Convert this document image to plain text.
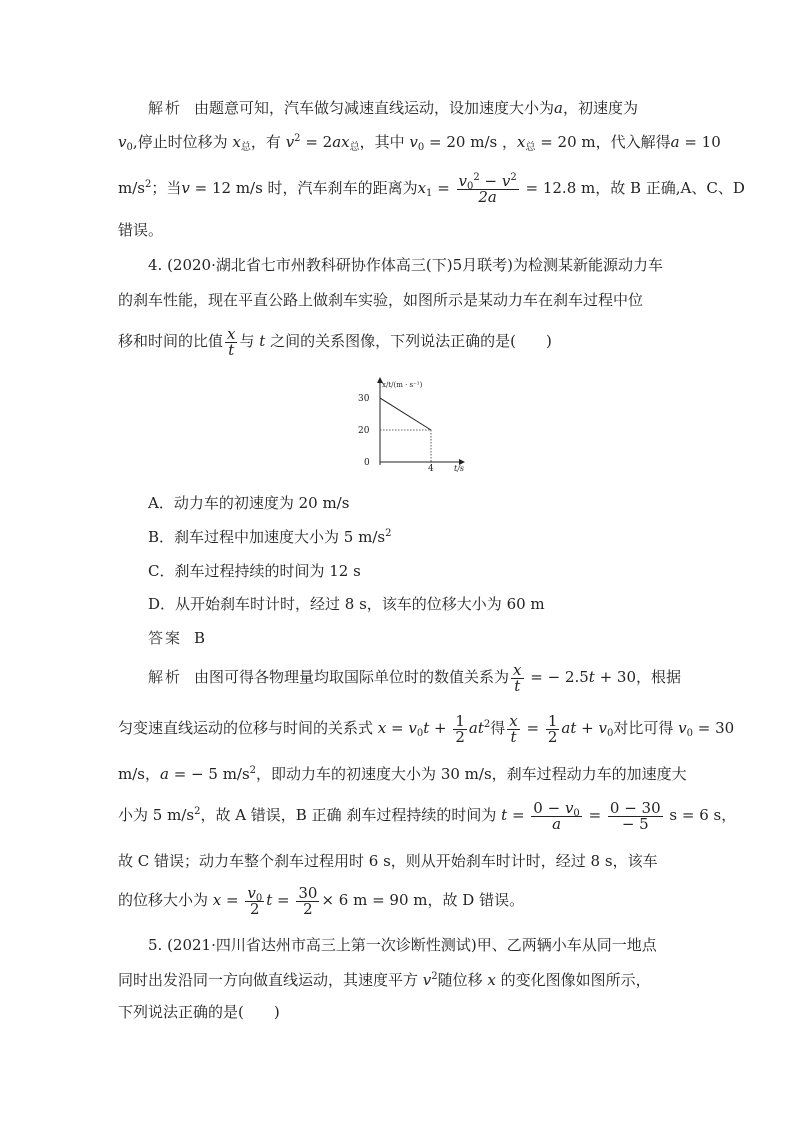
解析 由题意可知，汽车做匀减速直线运动，设加速度大小为a，初速度为
$v_0$,停止时位移为 $x_总$，有 $v^2 = 2ax_总$，其中 $v_0 = 20$ m/s ，$x_总 = 20$ m，代入解得a = 10
$m/s^2$；当v = 12 m/s 时，汽车刹车的距离为$x_1 = \frac{v_0^2 - v^2}{2a} = 12.8$ m，故 B 正确,A、C、D
错误。
4. (2020·湖北省七市州教科研协作体高三(下)5月联考)为检测某新能源动力车
的刹车性能，现在平直公路上做刹车实验，如图所示是某动力车在刹车过程中位
移和时间的比值 $\frac{x}{t}$ 与 t 之间的关系图像，下列说法正确的是(　　)
x/t/(m · s⁻¹)
t/s
30
20
0
4
A．动力车的初速度为 20 m/s
B．刹车过程中加速度大小为 5 $m/s^2$
C．刹车过程持续的时间为 12 s
D．从开始刹车时计时，经过 8 s，该车的位移大小为 60 m
答案 B
解析 由图可得各物理量均取国际单位时的数值关系为 $\frac{x}{t}$ = − 2.5t + 30，根据
匀变速直线运动的位移与时间的关系式 $x = v_0t + \frac{1}{2} at^2$得 $\frac{x}{t} = \frac{1}{2}$ at + $v_0$对比可得 $v_0 = 30$
m/s，a = − 5 $m/s^2$，即动力车的初速度大小为 30 m/s，刹车过程动力车的加速度大
小为 5 $m/s^2$，故 A 错误，B 正确 刹车过程持续的时间为 $t = \frac{0 - v_0}{a} = \frac{0 - 30}{- 5}$ s = 6 s，
故 C 错误；动力车整个刹车过程用时 6 s，则从开始刹车时计时，经过 8 s，该车
的位移大小为 $x = \frac{v_0}{2}$ $t = \frac{30}{2} \times 6$ m = 90 m，故 D 错误。
5. (2021·四川省达州市高三上第一次诊断性测试)甲、乙两辆小车从同一地点
同时出发沿同一方向做直线运动，其速度平方 $v^2$随位移 x 的变化图像如图所示，
下列说法正确的是(　　)
